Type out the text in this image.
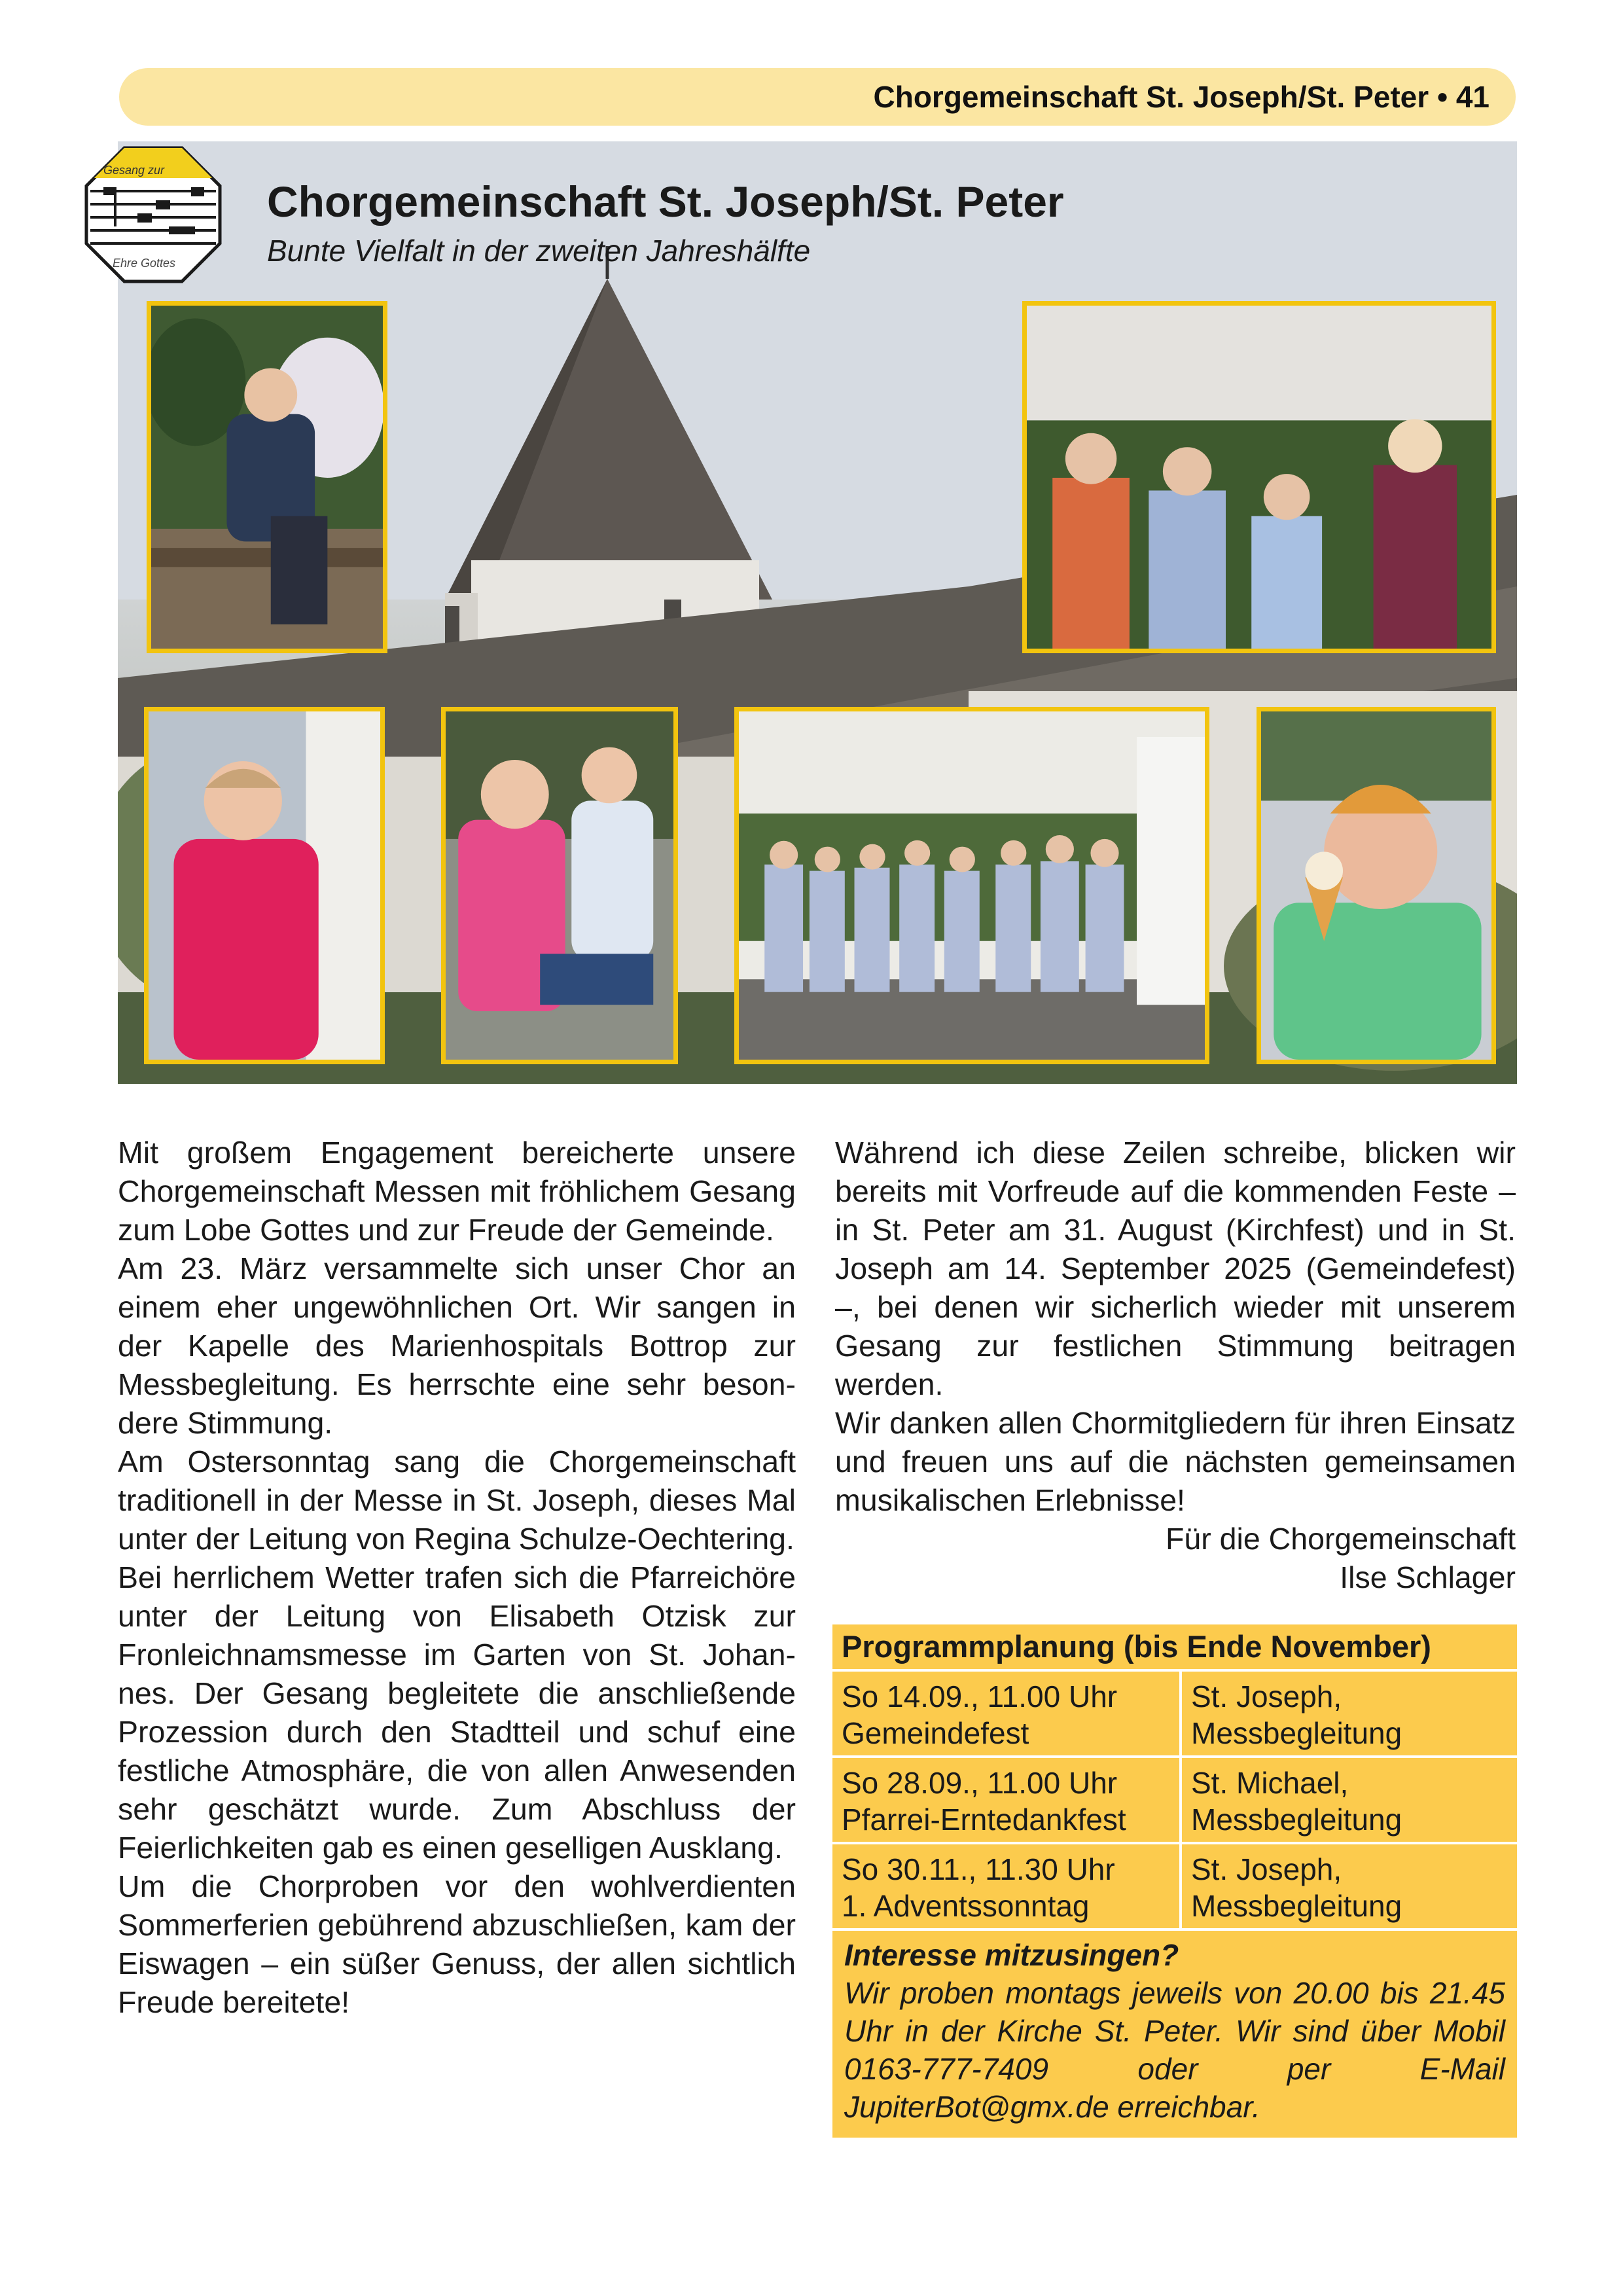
Chorgemeinschaft St. Joseph/St. Peter • 41
Gesang zur
Ehre Gottes
Chorgemeinschaft St. Joseph/St. Peter
Bunte Vielfalt in der zweiten Jahreshälfte

Mit großem Engagement bereicherte unsere Chorgemeinschaft Messen mit fröhlichem Gesang zum Lobe Gottes und zur Freude der Gemeinde.

Am 23. März versammelte sich unser Chor an einem eher ungewöhnlichen Ort. Wir sangen in der Kapelle des Marienhospitals Bottrop zur Messbegleitung. Es herrschte eine sehr besondere Stimmung.

Am Ostersonntag sang die Chorgemeinschaft traditionell in der Messe in St. Joseph, dieses Mal unter der Leitung von Regina Schulze-Oechtering.

Bei herrlichem Wetter trafen sich die Pfarreichöre unter der Leitung von Elisabeth Otzisk zur Fronleichnamsmesse im Garten von St. Johannes. Der Gesang begleitete die anschließende Prozession durch den Stadtteil und schuf eine festliche Atmosphäre, die von allen Anwesenden sehr geschätzt wurde. Zum Abschluss der Feierlichkeiten gab es einen geselligen Ausklang.

Um die Chorproben vor den wohlverdienten Sommerferien gebührend abzuschließen, kam der Eiswagen – ein süßer Genuss, der allen sichtlich Freude bereitete!

Während ich diese Zeilen schreibe, blicken wir bereits mit Vorfreude auf die kommenden Feste – in St. Peter am 31. August (Kirchfest) und in St. Joseph am 14. September 2025 (Gemeindefest) –, bei denen wir sicherlich wieder mit unserem Gesang zur festlichen Stimmung beitragen werden.

Wir danken allen Chormitgliedern für ihren Einsatz und freuen uns auf die nächsten gemeinsamen musikalischen Erlebnisse!

Für die Chorgemeinschaft

Ilse Schlager

Programmplanung (bis Ende November)
So 14.09., 11.00 Uhr
Gemeindefest
St. Joseph,
Messbegleitung
So 28.09., 11.00 Uhr
Pfarrei-Erntedankfest
St. Michael,
Messbegleitung
So 30.11., 11.30 Uhr
1. Adventssonntag
St. Joseph,
Messbegleitung
Interesse mitzusingen?
Wir proben montags jeweils von 20.00 bis 21.45 Uhr in der Kirche St. Peter. Wir sind über Mobil 0163-777-7409 oder per E-Mail JupiterBot@gmx.de erreichbar.
